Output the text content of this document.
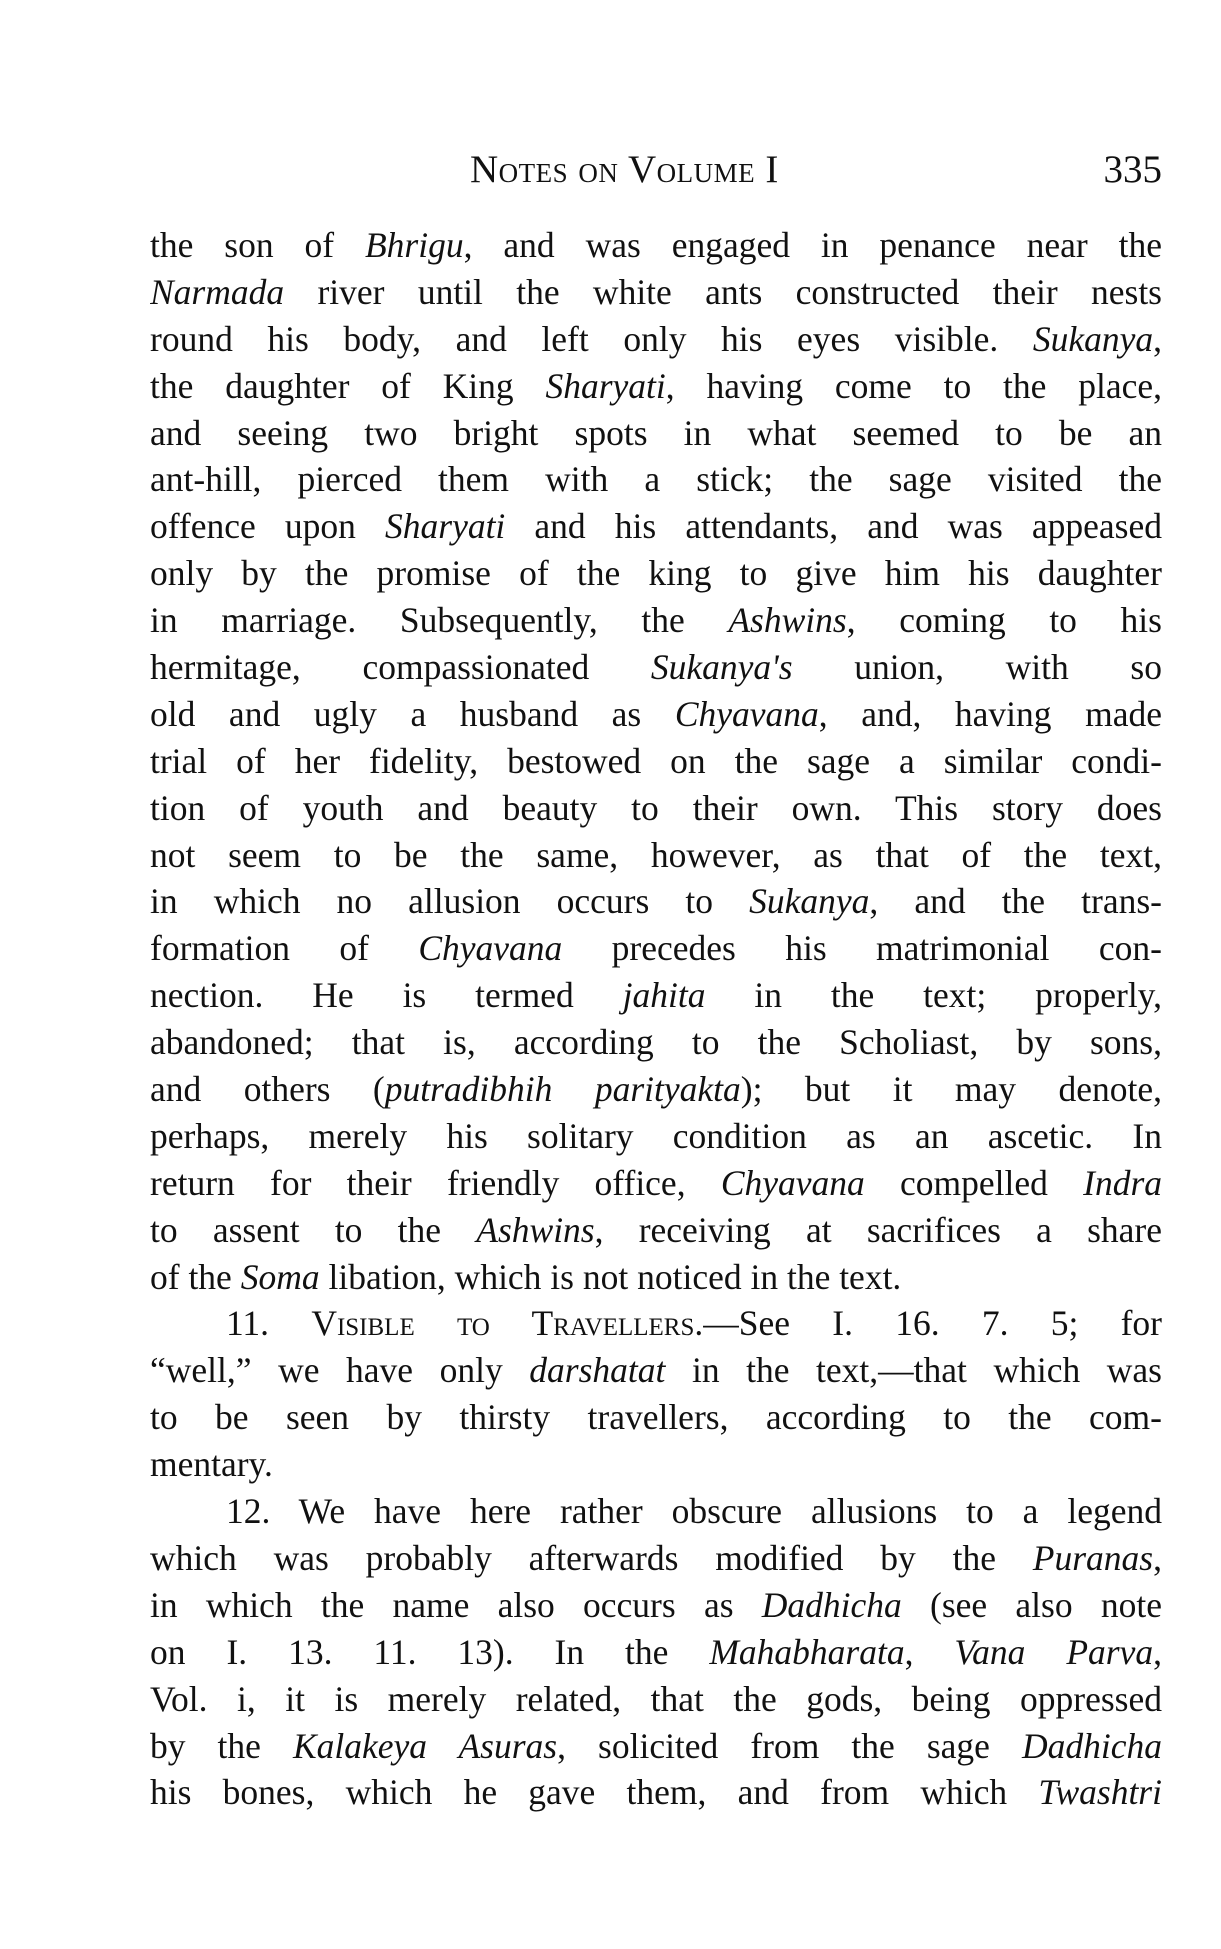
Notes on Volume I	335
the son of Bhrigu, and was engaged in penance near the
Narmada river until the white ants constructed their nests
round his body, and left only his eyes visible. Sukanya,
the daughter of King Sharyati, having come to the place,
and seeing two bright spots in what seemed to be an
ant-hill, pierced them with a stick; the sage visited the
offence upon Sharyati and his attendants, and was appeased
only by the promise of the king to give him his daughter
in marriage. Subsequently, the Ashwins, coming to his
hermitage, compassionated Sukanya's union, with so
old and ugly a husband as Chyavana, and, having made
trial of her fidelity, bestowed on the sage a similar condi-
tion of youth and beauty to their own. This story does
not seem to be the same, however, as that of the text,
in which no allusion occurs to Sukanya, and the trans-
formation of Chyavana precedes his matrimonial con-
nection. He is termed jahita in the text; properly,
abandoned; that is, according to the Scholiast, by sons,
and others (putradibhih parityakta); but it may denote,
perhaps, merely his solitary condition as an ascetic. In
return for their friendly office, Chyavana compelled Indra
to assent to the Ashwins, receiving at sacrifices a share
of the Soma libation, which is not noticed in the text.
11. Visible to Travellers.—See I. 16. 7. 5; for
“well,” we have only darshatat in the text,—that which was
to be seen by thirsty travellers, according to the com-
mentary.
12. We have here rather obscure allusions to a legend
which was probably afterwards modified by the Puranas,
in which the name also occurs as Dadhicha (see also note
on I. 13. 11. 13). In the Mahabharata, Vana Parva,
Vol. i, it is merely related, that the gods, being oppressed
by the Kalakeya Asuras, solicited from the sage Dadhicha
his bones, which he gave them, and from which Twashtri
